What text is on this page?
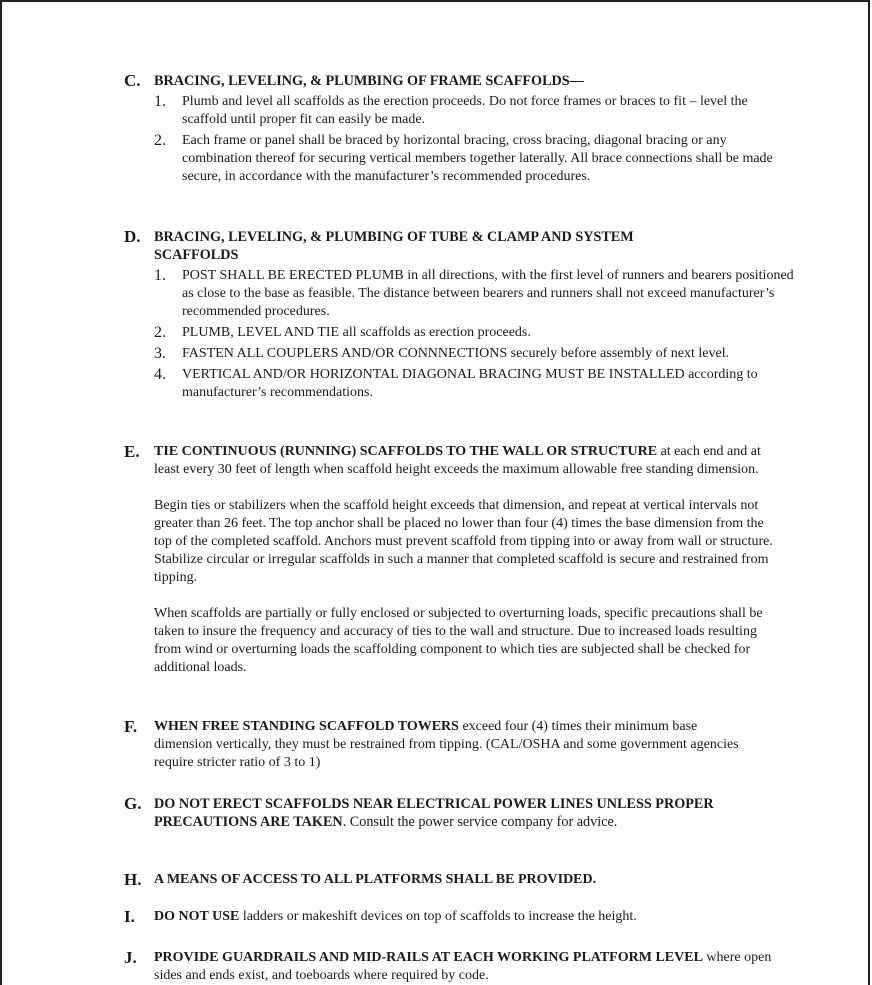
C. BRACING, LEVELING, & PLUMBING OF FRAME SCAFFOLDS—
1. Plumb and level all scaffolds as the erection proceeds. Do not force frames or braces to fit – level the scaffold until proper fit can easily be made.
2. Each frame or panel shall be braced by horizontal bracing, cross bracing, diagonal bracing or any combination thereof for securing vertical members together laterally. All brace connections shall be made secure, in accordance with the manufacturer’s recommended procedures.
D. BRACING, LEVELING, & PLUMBING OF TUBE & CLAMP AND SYSTEM SCAFFOLDS
1. POST SHALL BE ERECTED PLUMB in all directions, with the first level of runners and bearers positioned as close to the base as feasible. The distance between bearers and runners shall not exceed manufacturer’s recommended procedures.
2. PLUMB, LEVEL AND TIE all scaffolds as erection proceeds.
3. FASTEN ALL COUPLERS AND/OR CONNNECTIONS securely before assembly of next level.
4. VERTICAL AND/OR HORIZONTAL DIAGONAL BRACING MUST BE INSTALLED according to manufacturer’s recommendations.
E. TIE CONTINUOUS (RUNNING) SCAFFOLDS TO THE WALL OR STRUCTURE at each end and at least every 30 feet of length when scaffold height exceeds the maximum allowable free standing dimension.

Begin ties or stabilizers when the scaffold height exceeds that dimension, and repeat at vertical intervals not greater than 26 feet. The top anchor shall be placed no lower than four (4) times the base dimension from the top of the completed scaffold. Anchors must prevent scaffold from tipping into or away from wall or structure. Stabilize circular or irregular scaffolds in such a manner that completed scaffold is secure and restrained from tipping.

When scaffolds are partially or fully enclosed or subjected to overturning loads, specific precautions shall be taken to insure the frequency and accuracy of ties to the wall and structure. Due to increased loads resulting from wind or overturning loads the scaffolding component to which ties are subjected shall be checked for additional loads.

F. WHEN FREE STANDING SCAFFOLD TOWERS exceed four (4) times their minimum base dimension vertically, they must be restrained from tipping. (CAL/OSHA and some government agencies require stricter ratio of 3 to 1)

G. DO NOT ERECT SCAFFOLDS NEAR ELECTRICAL POWER LINES UNLESS PROPER PRECAUTIONS ARE TAKEN. Consult the power service company for advice.

H. A MEANS OF ACCESS TO ALL PLATFORMS SHALL BE PROVIDED.

I. DO NOT USE ladders or makeshift devices on top of scaffolds to increase the height.

J. PROVIDE GUARDRAILS AND MID-RAILS AT EACH WORKING PLATFORM LEVEL where open sides and ends exist, and toeboards where required by code.
